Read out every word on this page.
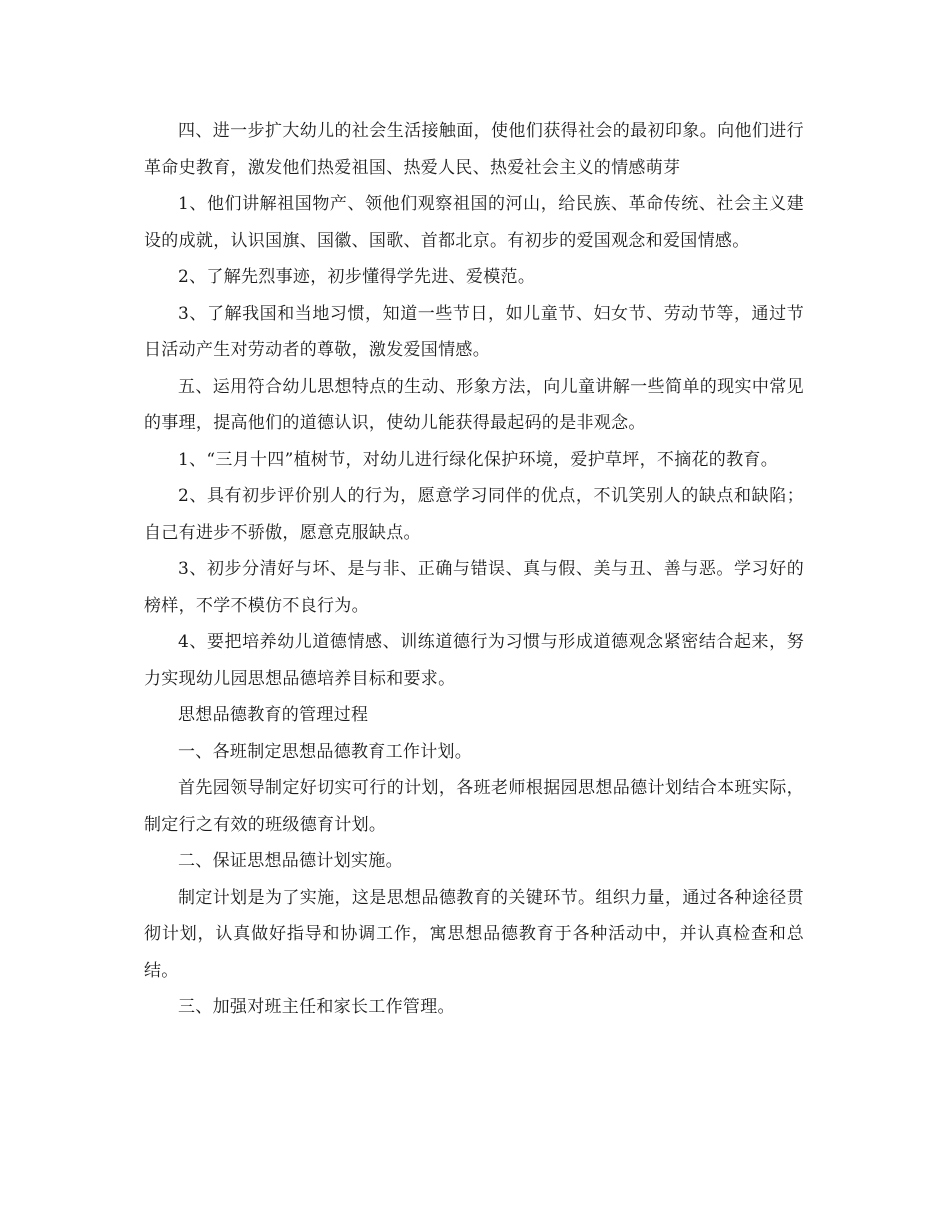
四、进一步扩大幼儿的社会生活接触面，使他们获得社会的最初印象。向他们进行革命史教育，激发他们热爱祖国、热爱人民、热爱社会主义的情感萌芽

1、他们讲解祖国物产、领他们观察祖国的河山，给民族、革命传统、社会主义建设的成就，认识国旗、国徽、国歌、首都北京。有初步的爱国观念和爱国情感。

2、了解先烈事迹，初步懂得学先进、爱模范。

3、了解我国和当地习惯，知道一些节日，如儿童节、妇女节、劳动节等，通过节日活动产生对劳动者的尊敬，激发爱国情感。

五、运用符合幼儿思想特点的生动、形象方法，向儿童讲解一些简单的现实中常见的事理，提高他们的道德认识，使幼儿能获得最起码的是非观念。

1、“三月十四”植树节，对幼儿进行绿化保护环境，爱护草坪，不摘花的教育。

2、具有初步评价别人的行为，愿意学习同伴的优点，不讥笑别人的缺点和缺陷；自己有进步不骄傲，愿意克服缺点。

3、初步分清好与坏、是与非、正确与错误、真与假、美与丑、善与恶。学习好的榜样，不学不模仿不良行为。

4、要把培养幼儿道德情感、训练道德行为习惯与形成道德观念紧密结合起来，努力实现幼儿园思想品德培养目标和要求。

思想品德教育的管理过程

一、各班制定思想品德教育工作计划。

首先园领导制定好切实可行的计划，各班老师根据园思想品德计划结合本班实际，制定行之有效的班级德育计划。

二、保证思想品德计划实施。

制定计划是为了实施，这是思想品德教育的关键环节。组织力量，通过各种途径贯彻计划，认真做好指导和协调工作，寓思想品德教育于各种活动中，并认真检查和总结。

三、加强对班主任和家长工作管理。
